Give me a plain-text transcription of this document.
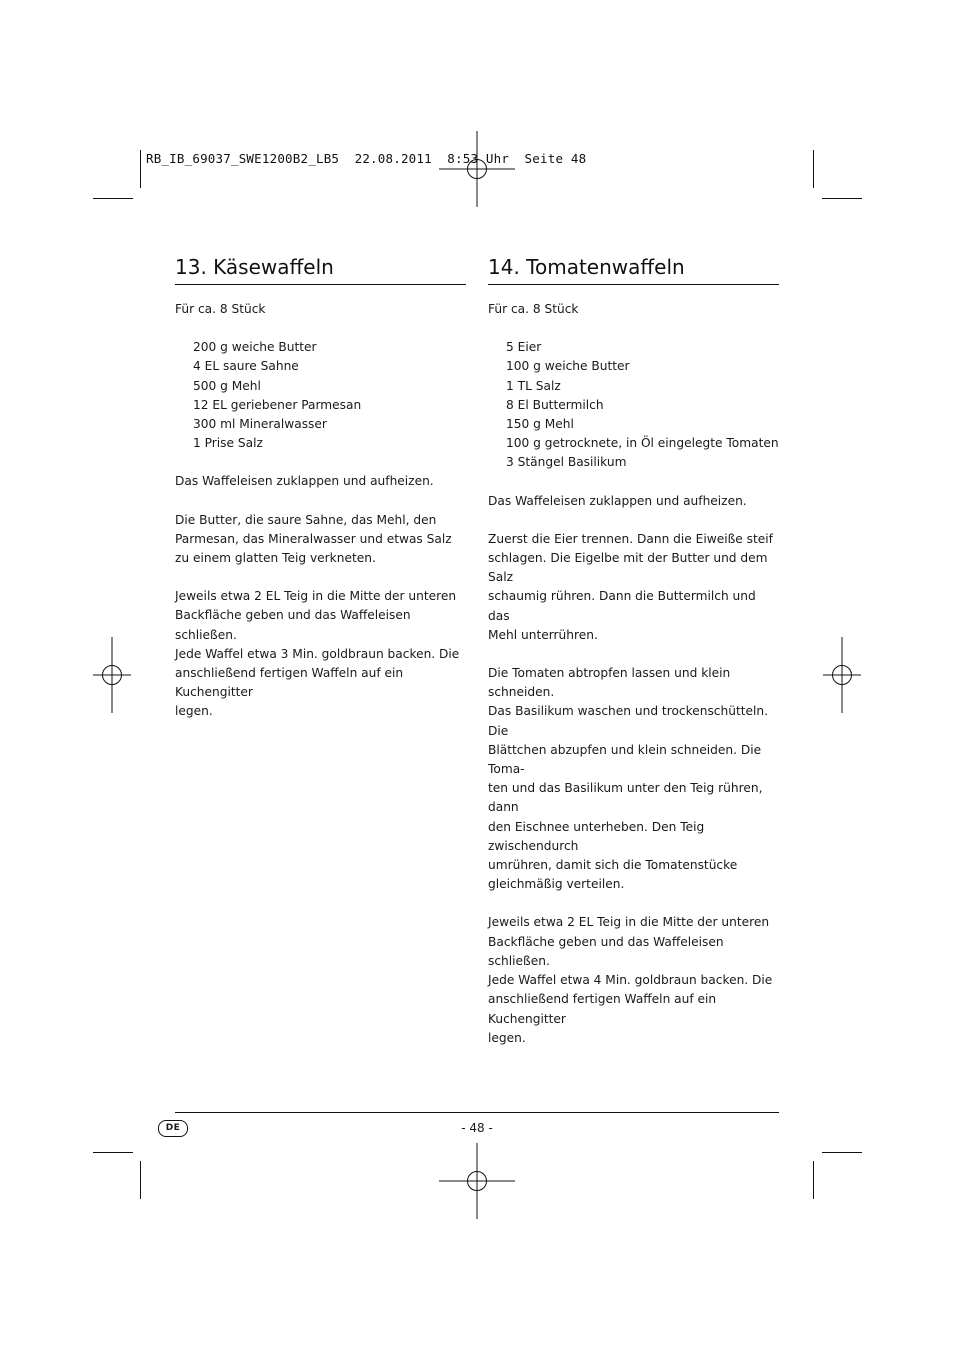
RB_IB_69037_SWE1200B2_LB5  22.08.2011  8:53 Uhr  Seite 48
13. Käsewaffeln

Für ca. 8 Stück

200 g weiche Butter
4 EL saure Sahne
500 g Mehl
12 EL geriebener Parmesan
300 ml Mineralwasser
1 Prise Salz

Das Waffeleisen zuklappen und aufheizen.

Die Butter, die saure Sahne, das Mehl, den
Parmesan, das Mineralwasser und etwas Salz
zu einem glatten Teig verkneten.

Jeweils etwa 2 EL Teig in die Mitte der unteren
Backfläche geben und das Waffeleisen schließen.
Jede Waffel etwa 3 Min. goldbraun backen. Die
anschließend fertigen Waffeln auf ein Kuchengitter
legen.

14. Tomatenwaffeln

Für ca. 8 Stück

5 Eier
100 g weiche Butter
1 TL Salz
8 El Buttermilch
150 g Mehl
100 g getrocknete, in Öl eingelegte Tomaten
3 Stängel Basilikum

Das Waffeleisen zuklappen und aufheizen.

Zuerst die Eier trennen. Dann die Eiweiße steif
schlagen. Die Eigelbe mit der Butter und dem Salz
schaumig rühren. Dann die Buttermilch und das
Mehl unterrühren.

Die Tomaten abtropfen lassen und klein schneiden.
Das Basilikum waschen und trockenschütteln. Die
Blättchen abzupfen und klein schneiden. Die Toma-
ten und das Basilikum unter den Teig rühren, dann
den Eischnee unterheben. Den Teig zwischendurch
umrühren, damit sich die Tomatenstücke
gleichmäßig verteilen.

Jeweils etwa 2 EL Teig in die Mitte der unteren
Backfläche geben und das Waffeleisen schließen.
Jede Waffel etwa 4 Min. goldbraun backen. Die
anschließend fertigen Waffeln auf ein Kuchengitter
legen.

DE	- 48 -
